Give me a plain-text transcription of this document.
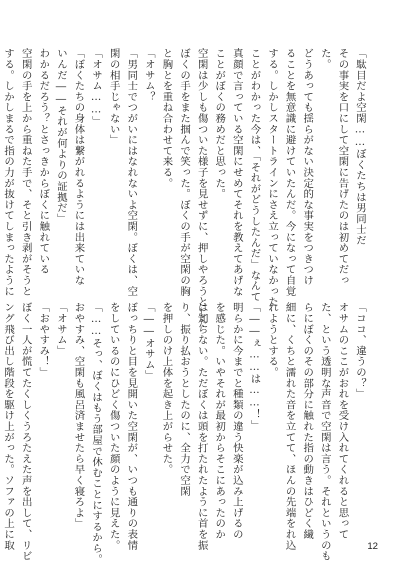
「駄目だよ空閑……ぼくたちは男同士だ
その事実を口にして空閑に告げたのは初めてだっ
た。
どうあっても揺らがない決定的な事実をつきつけ
ることを無意識に避けていたんだ。今になって自覚
する。しかしスタートラインにさえ立っていなかった
ことがわかった今は、「それがどうしたんだ」なんて
真顔で言っている空閑にせめてそれを教えてあげな
ことがぼくの務めだと思った。
空閑は少しも傷ついた様子を見せずに、押しやろうとした
ぼくの手をまた掴んで笑った。ぼくの手が空閑の胸
と胸とを重ね合わせて来る。
「オサム？
「男同士でつがいにはなれないよ空閑。ぼくは、空
閑の相手じゃない」
「オサム……」
「ぼくたちの身体は繋がれるようには出来ていな
いんだ――それが何よりの証拠だ」
わかるだろう？とさっきからぼくに触れている
空閑の手を上から重ねた手で、そと引き剥がそうと
する。しかしまるで指の力が抜けてしまったように
「ココ、違うの？」
オサムのここがおれを受け入れてくれると思って
た、という透明な声音で空閑は言う。それというのも
らにぼくのその部分に触れた指の動きはひどく繊
細に、くちと濡れた音を立てて、ほんの先端をれ込
れようとする。
「――ぇ……は……！」
明らかに今までと種類の違う快楽が込み上げるの
を感じた。いやそれが最初からそこにあったのか
は知らない。ただぼくは頭を打たれたように首を振
り、振り払おうとしたのに、全力で空閑
を押しのけ上体を起き上がらせた。
「――オサム」
ぼっちりと目を見開いた空閑が、いつも通りの表情
をしているのにひどく傷ついた顔のように見えた。
「……そっ、ぼくはもう部屋で休むことにするから。
おやすみ、空閑も風呂済ませたら早く寝ろよ」
「オサム」
「おやすみ！」
ぼく一人が慌てたくしくうろたえた声を出して、リビ
ング飛び出し階段を駆け上がった。ソファの上に取	12
